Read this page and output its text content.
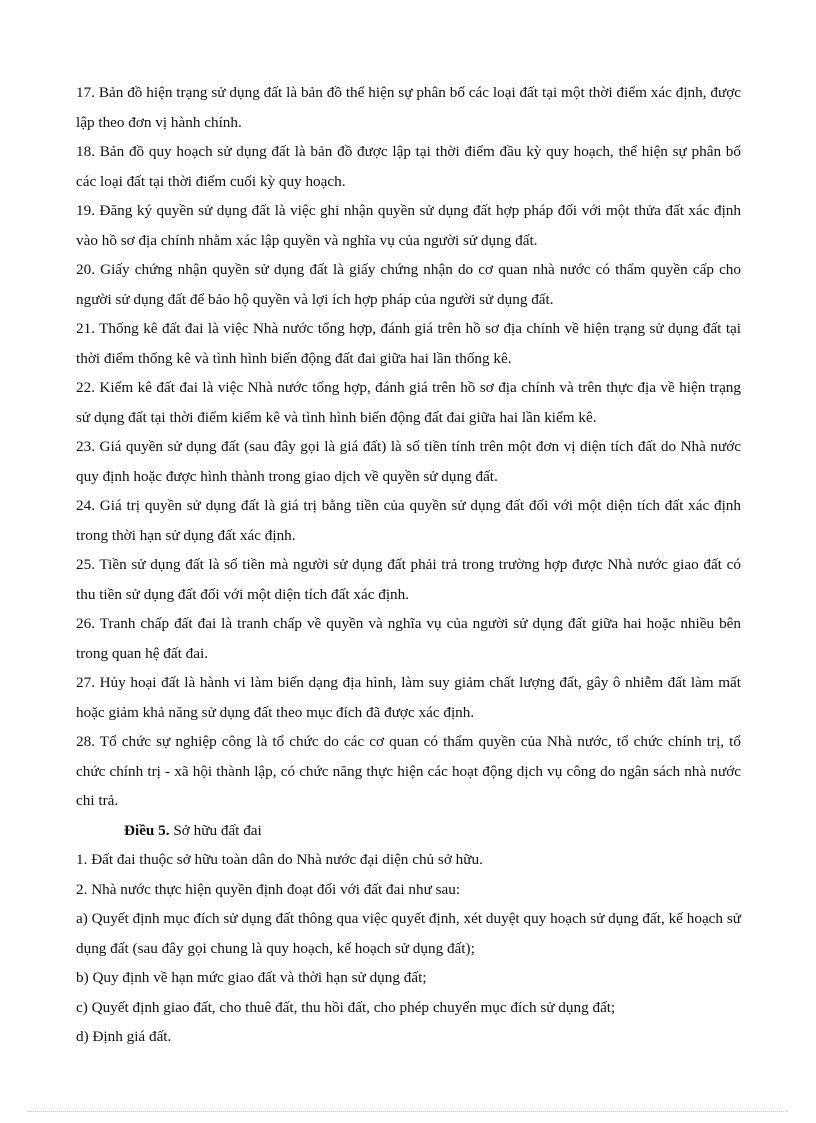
17. Bản đồ hiện trạng sử dụng đất là bản đồ thể hiện sự phân bố các loại đất tại một thời điểm xác định, được lập theo đơn vị hành chính.

18. Bản đồ quy hoạch sử dụng đất là bản đồ được lập tại thời điểm đầu kỳ quy hoạch, thể hiện sự phân bổ các loại đất tại thời điểm cuối kỳ quy hoạch.

19. Đăng ký quyền sử dụng đất là việc ghi nhận quyền sử dụng đất hợp pháp đối với một thửa đất xác định vào hồ sơ địa chính nhằm xác lập quyền và nghĩa vụ của người sử dụng đất.

20. Giấy chứng nhận quyền sử dụng đất là giấy chứng nhận do cơ quan nhà nước có thẩm quyền cấp cho người sử dụng đất để bảo hộ quyền và lợi ích hợp pháp của người sử dụng đất.

21. Thống kê đất đai là việc Nhà nước tổng hợp, đánh giá trên hồ sơ địa chính về hiện trạng sử dụng đất tại thời điểm thống kê và tình hình biến động đất đai giữa hai lần thống kê.

22. Kiểm kê đất đai là việc Nhà nước tổng hợp, đánh giá trên hồ sơ địa chính và trên thực địa về hiện trạng sử dụng đất tại thời điểm kiểm kê và tình hình biến động đất đai giữa hai lần kiểm kê.

23. Giá quyền sử dụng đất (sau đây gọi là giá đất) là số tiền tính trên một đơn vị diện tích đất do Nhà nước quy định hoặc được hình thành trong giao dịch về quyền sử dụng đất.

24. Giá trị quyền sử dụng đất là giá trị bằng tiền của quyền sử dụng đất đối với một diện tích đất xác định trong thời hạn sử dụng đất xác định.

25. Tiền sử dụng đất là số tiền mà người sử dụng đất phải trả trong trường hợp được Nhà nước giao đất có thu tiền sử dụng đất đối với một diện tích đất xác định.

26. Tranh chấp đất đai là tranh chấp về quyền và nghĩa vụ của người sử dụng đất giữa hai hoặc nhiều bên trong quan hệ đất đai.

27. Hủy hoại đất là hành vi làm biến dạng địa hình, làm suy giảm chất lượng đất, gây ô nhiễm đất làm mất hoặc giảm khả năng sử dụng đất theo mục đích đã được xác định.

28. Tổ chức sự nghiệp công là tổ chức do các cơ quan có thẩm quyền của Nhà nước, tổ chức chính trị, tổ chức chính trị - xã hội thành lập, có chức năng thực hiện các hoạt động dịch vụ công do ngân sách nhà nước chi trả.

Điều 5. Sở hữu đất đai

1. Đất đai thuộc sở hữu toàn dân do Nhà nước đại diện chủ sở hữu.

2. Nhà nước thực hiện quyền định đoạt đối với đất đai như sau:

a) Quyết định mục đích sử dụng đất thông qua việc quyết định, xét duyệt quy hoạch sử dụng đất, kế hoạch sử dụng đất (sau đây gọi chung là quy hoạch, kế hoạch sử dụng đất);

b) Quy định về hạn mức giao đất và thời hạn sử dụng đất;

c) Quyết định giao đất, cho thuê đất, thu hồi đất, cho phép chuyển mục đích sử dụng đất;

d) Định giá đất.
